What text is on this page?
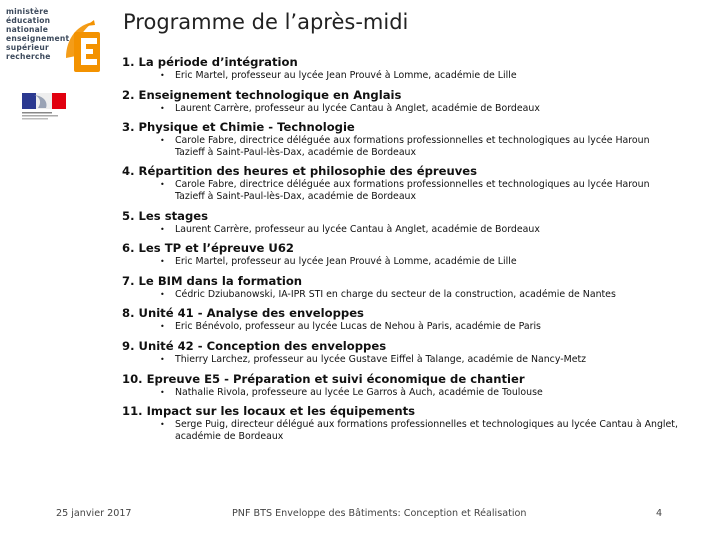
ministère
éducation
nationale
enseignement
supérieur
recherche
Programme de l’après-midi
1. La période d’intégration
• Eric Martel, professeur au lycée Jean Prouvé à Lomme, académie de Lille
2. Enseignement technologique en Anglais
• Laurent Carrère, professeur au lycée Cantau à Anglet, académie de Bordeaux
3. Physique et Chimie - Technologie
• Carole Fabre, directrice déléguée aux formations professionnelles et technologiques au lycée Haroun Tazieff à Saint-Paul-lès-Dax, académie de Bordeaux
4. Répartition des heures et philosophie des épreuves
• Carole Fabre, directrice déléguée aux formations professionnelles et technologiques au lycée Haroun Tazieff à Saint-Paul-lès-Dax, académie de Bordeaux
5. Les stages
• Laurent Carrère, professeur au lycée Cantau à Anglet, académie de Bordeaux
6. Les TP et l’épreuve U62
• Eric Martel, professeur au lycée Jean Prouvé à Lomme, académie de Lille
7. Le BIM dans la formation
• Cédric Dziubanowski, IA-IPR STI en charge du secteur de la construction, académie de Nantes
8. Unité 41 - Analyse des enveloppes
• Eric Bénévolo, professeur au lycée Lucas de Nehou à Paris, académie de Paris
9. Unité 42 - Conception des enveloppes
• Thierry Larchez, professeur au lycée Gustave Eiffel à Talange, académie de Nancy-Metz
10. Epreuve E5 - Préparation et suivi économique de chantier
• Nathalie Rivola, professeure au lycée Le Garros à Auch, académie de Toulouse
11. Impact sur les locaux et les équipements
• Serge Puig, directeur délégué aux formations professionnelles et technologiques au lycée Cantau à Anglet, académie de Bordeaux
25 janvier 2017	PNF BTS Enveloppe des Bâtiments: Conception et Réalisation	4
